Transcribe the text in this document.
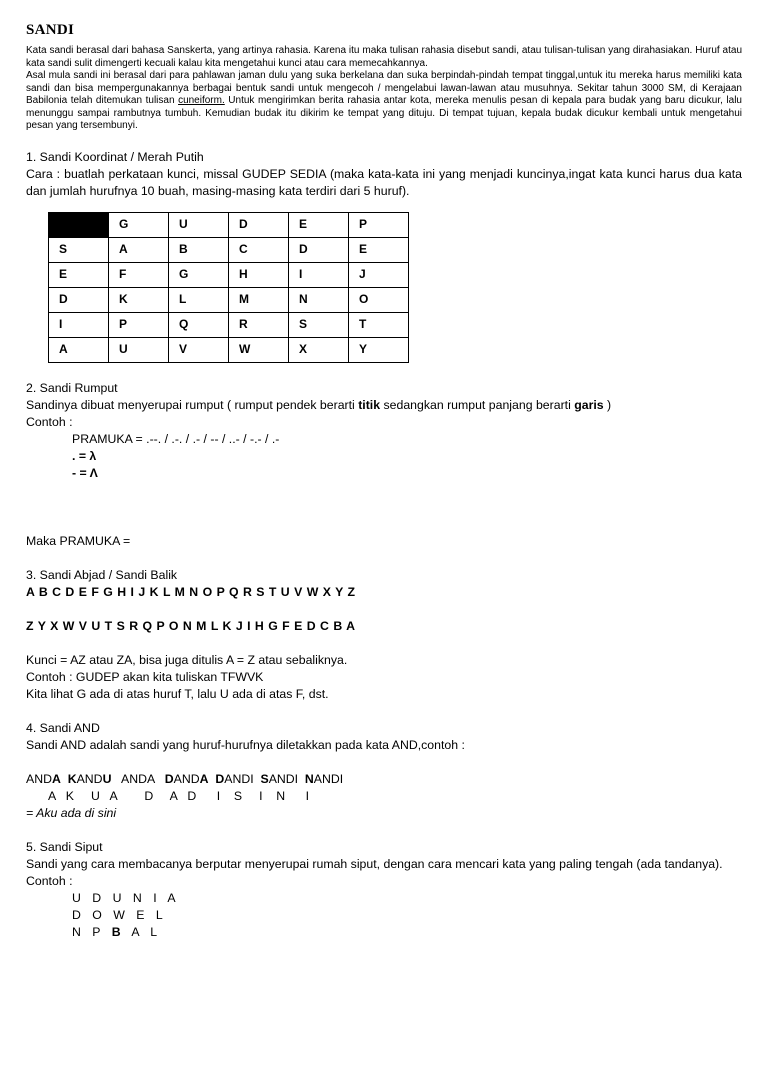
SANDI

Kata sandi berasal dari bahasa Sanskerta, yang artinya rahasia. Karena itu maka tulisan rahasia disebut sandi, atau tulisan-tulisan yang dirahasiakan. Huruf atau kata sandi sulit dimengerti kecuali kalau kita mengetahui kunci atau cara memecahkannya.

Asal mula sandi ini berasal dari para pahlawan jaman dulu yang suka berkelana dan suka berpindah-pindah tempat tinggal,untuk itu mereka harus memiliki kata sandi dan bisa mempergunakannya berbagai bentuk sandi untuk mengecoh / mengelabui lawan-lawan atau musuhnya. Sekitar tahun 3000 SM, di Kerajaan Babilonia telah ditemukan tulisan cuneiform. Untuk mengirimkan berita rahasia antar kota, mereka menulis pesan di kepala para budak yang baru dicukur, lalu menunggu sampai rambutnya tumbuh. Kemudian budak itu dikirim ke tempat yang dituju. Di tempat tujuan, kepala budak dicukur kembali untuk mengetahui pesan yang tersembunyi.

1. Sandi Koordinat / Merah Putih
Cara : buatlah perkataan kunci, missal GUDEP SEDIA (maka kata-kata ini yang menjadi kuncinya,ingat kata kunci harus dua kata dan jumlah hurufnya 10 buah, masing-masing kata terdiri dari 5 huruf).
	G	U	D	E	P
S	A	B	C	D	E
E	F	G	H	I	J
D	K	L	M	N	O
I	P	Q	R	S	T
A	U	V	W	X	Y
2. Sandi Rumput
Sandinya dibuat menyerupai rumput ( rumput pendek berarti titik sedangkan rumput panjang berarti garis )
Contoh :
PRAMUKA = .--. / .-. / .- / -- / ..- / -.- / .-
. = λ
- = Λ
Maka PRAMUKA =
3. Sandi Abjad / Sandi Balik
A B C D E F G H I J K L M N O P Q R S T U V W X Y Z
Z Y X W V U T S R Q P O N M L K J I H G F E D C B A
Kunci = AZ atau ZA, bisa juga ditulis A = Z atau sebaliknya.
Contoh : GUDEP akan kita tuliskan TFWVK
Kita lihat G ada di atas huruf T, lalu U ada di atas F, dst.
4. Sandi AND
Sandi AND adalah sandi yang huruf-hurufnya diletakkan pada kata AND,contoh :
ANDA KANDU ANDA   DANDA DANDI  SANDI  NANDI
A   K     U   A        D     A   D      I    S     I    N      I
= Aku ada di sini
5. Sandi Siput
Sandi yang cara membacanya berputar menyerupai rumah siput, dengan cara mencari kata yang paling tengah (ada tandanya).
Contoh :
U D U N I A
D O W E L
N P B A L
